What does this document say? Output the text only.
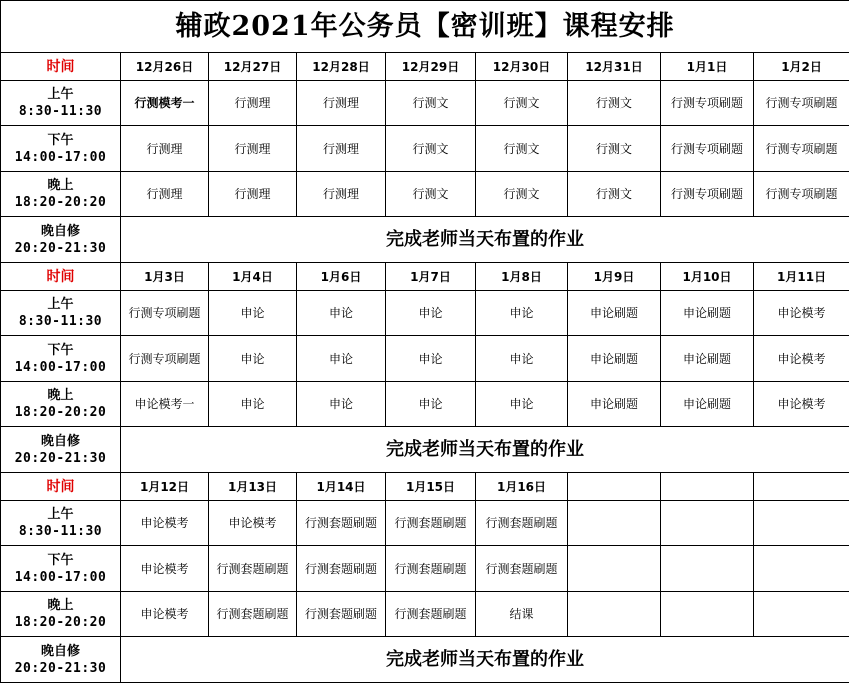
辅政2021年公务员【密训班】课程安排								
时间	12月26日	12月27日	12月28日	12月29日	12月30日	12月31日	1月1日	1月2日

上午
8:30-11:30	行测模考一	行测理	行测理	行测文	行测文	行测文	行测专项刷题	行测专项刷题

下午
14:00-17:00	行测理	行测理	行测理	行测文	行测文	行测文	行测专项刷题	行测专项刷题

晚上
18:20-20:20	行测理	行测理	行测理	行测文	行测文	行测文	行测专项刷题	行测专项刷题

晚自修
20:20-21:30	完成老师当天布置的作业							
时间	1月3日	1月4日	1月6日	1月7日	1月8日	1月9日	1月10日	1月11日

上午
8:30-11:30	行测专项刷题	申论	申论	申论	申论	申论刷题	申论刷题	申论模考

下午
14:00-17:00	行测专项刷题	申论	申论	申论	申论	申论刷题	申论刷题	申论模考

晚上
18:20-20:20	申论模考一	申论	申论	申论	申论	申论刷题	申论刷题	申论模考

晚自修
20:20-21:30	完成老师当天布置的作业							
时间	1月12日	1月13日	1月14日	1月15日	1月16日			

上午
8:30-11:30	申论模考	申论模考	行测套题刷题	行测套题刷题	行测套题刷题			

下午
14:00-17:00	申论模考	行测套题刷题	行测套题刷题	行测套题刷题	行测套题刷题			

晚上
18:20-20:20	申论模考	行测套题刷题	行测套题刷题	行测套题刷题	结课			

晚自修
20:20-21:30	完成老师当天布置的作业							
